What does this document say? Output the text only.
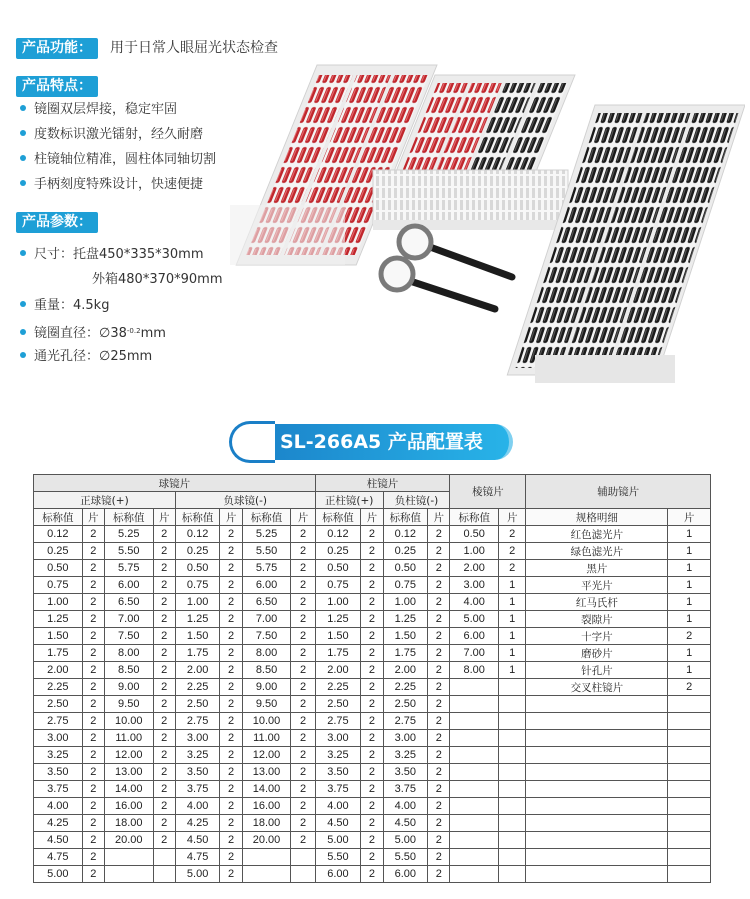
产品功能：	用于日常人眼屈光状态检查
产品特点：
镜圈双层焊接，稳定牢固
度数标识激光镭射，经久耐磨
柱镜轴位精准，圆柱体同轴切割
手柄刻度特殊设计，快速便捷
产品参数：
尺寸：托盘450*335*30mm
外箱480*370*90mm
重量：4.5kg
镜圈直径：$\emptyset 38^{-0.2}mm$
通光孔径：∅25mm
SL-266A5 产品配置表
球镜片								柱镜片				棱镜片		辅助镜片	
正球镜(+)				负球镜(-)				正柱镜(+)		负柱镜(-)					
标称值	片	标称值	片	标称值	片	标称值	片	标称值	片	标称值	片	标称值	片	规格明细	片
0.12	2	5.25	2	0.12	2	5.25	2	0.12	2	0.12	2	0.50	2	红色滤光片	1
0.25	2	5.50	2	0.25	2	5.50	2	0.25	2	0.25	2	1.00	2	绿色滤光片	1
0.50	2	5.75	2	0.50	2	5.75	2	0.50	2	0.50	2	2.00	2	黑片	1
0.75	2	6.00	2	0.75	2	6.00	2	0.75	2	0.75	2	3.00	1	平光片	1
1.00	2	6.50	2	1.00	2	6.50	2	1.00	2	1.00	2	4.00	1	红马氏杆	1
1.25	2	7.00	2	1.25	2	7.00	2	1.25	2	1.25	2	5.00	1	裂隙片	1
1.50	2	7.50	2	1.50	2	7.50	2	1.50	2	1.50	2	6.00	1	十字片	2
1.75	2	8.00	2	1.75	2	8.00	2	1.75	2	1.75	2	7.00	1	磨砂片	1
2.00	2	8.50	2	2.00	2	8.50	2	2.00	2	2.00	2	8.00	1	针孔片	1
2.25	2	9.00	2	2.25	2	9.00	2	2.25	2	2.25	2			交叉柱镜片	2
2.50	2	9.50	2	2.50	2	9.50	2	2.50	2	2.50	2				
2.75	2	10.00	2	2.75	2	10.00	2	2.75	2	2.75	2				
3.00	2	11.00	2	3.00	2	11.00	2	3.00	2	3.00	2				
3.25	2	12.00	2	3.25	2	12.00	2	3.25	2	3.25	2				
3.50	2	13.00	2	3.50	2	13.00	2	3.50	2	3.50	2				
3.75	2	14.00	2	3.75	2	14.00	2	3.75	2	3.75	2				
4.00	2	16.00	2	4.00	2	16.00	2	4.00	2	4.00	2				
4.25	2	18.00	2	4.25	2	18.00	2	4.50	2	4.50	2				
4.50	2	20.00	2	4.50	2	20.00	2	5.00	2	5.00	2				
4.75	2			4.75	2			5.50	2	5.50	2				
5.00	2			5.00	2			6.00	2	6.00	2				
